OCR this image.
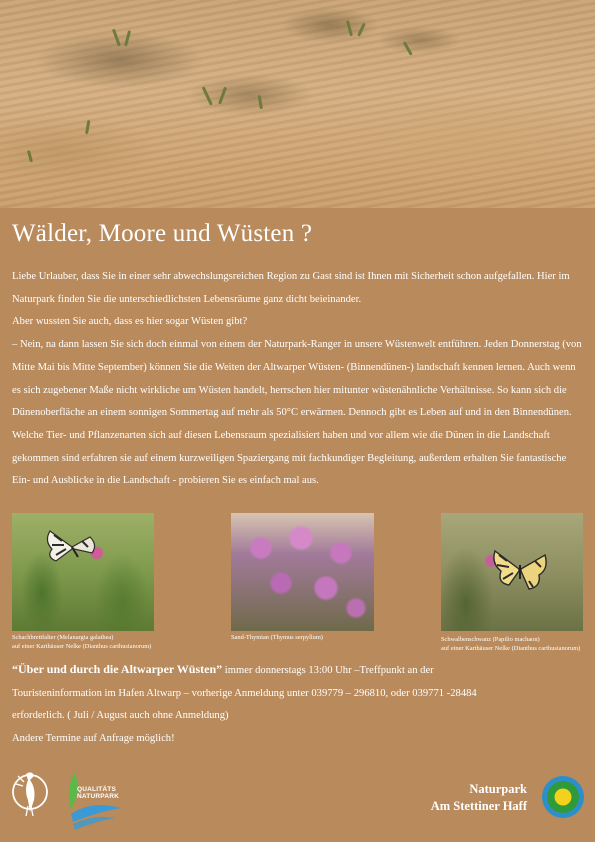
Wälder, Moore und Wüsten ?

Liebe Urlauber, dass Sie in einer sehr abwechslungsreichen Region zu Gast sind ist Ihnen mit Sicherheit schon aufgefallen. Hier im Naturpark finden Sie die unterschiedlichsten Lebensräume ganz dicht beieinander.

Aber wussten Sie auch, dass es hier sogar Wüsten gibt?

– Nein, na dann lassen Sie sich doch einmal von einem der Naturpark-Ranger in unsere Wüstenwelt entführen. Jeden Donnerstag (von Mitte Mai bis Mitte September) können Sie die Weiten der Altwarper Wüsten- (Binnendünen-) landschaft kennen lernen. Auch wenn es sich zugebener Maße nicht wirkliche um Wüsten handelt, herrschen hier mitunter wüstenähnliche Verhältnisse. So kann sich die Dünenoberfläche an einem sonnigen Sommertag auf mehr als 50°C erwärmen. Dennoch gibt es Leben auf und in den Binnendünen. Welche Tier- und Pflanzenarten sich auf diesen Lebensraum spezialisiert haben und vor allem wie die Dünen in die Landschaft gekommen sind erfahren sie auf einem kurzweiligen Spaziergang mit fachkundiger Begleitung, außerdem erhalten Sie fantastische Ein- und Ausblicke in die Landschaft - probieren Sie es einfach mal aus.

Schachbrettfalter (Melanargia galathea)
auf einer Karthäuser Nelke (Dianthus carthusianorum)
Sand-Thymian (Thymus serpyllum)	Schwalbenschwanz (Papilio machaon)
auf einer Karthäuser Nelke (Dianthus carthusianorum)
“Über und durch die Altwarper Wüsten” immer donnerstags 13:00 Uhr –Treffpunkt an der
Touristeninformation im Hafen Altwarp – vorherige Anmeldung unter 039779 – 296810, oder 039771 -28484
erforderlich. ( Juli / August auch ohne Anmeldung)
Andere Termine auf Anfrage möglich!
QUALITÄTS
NATURPARK
Naturpark
Am Stettiner Haff
